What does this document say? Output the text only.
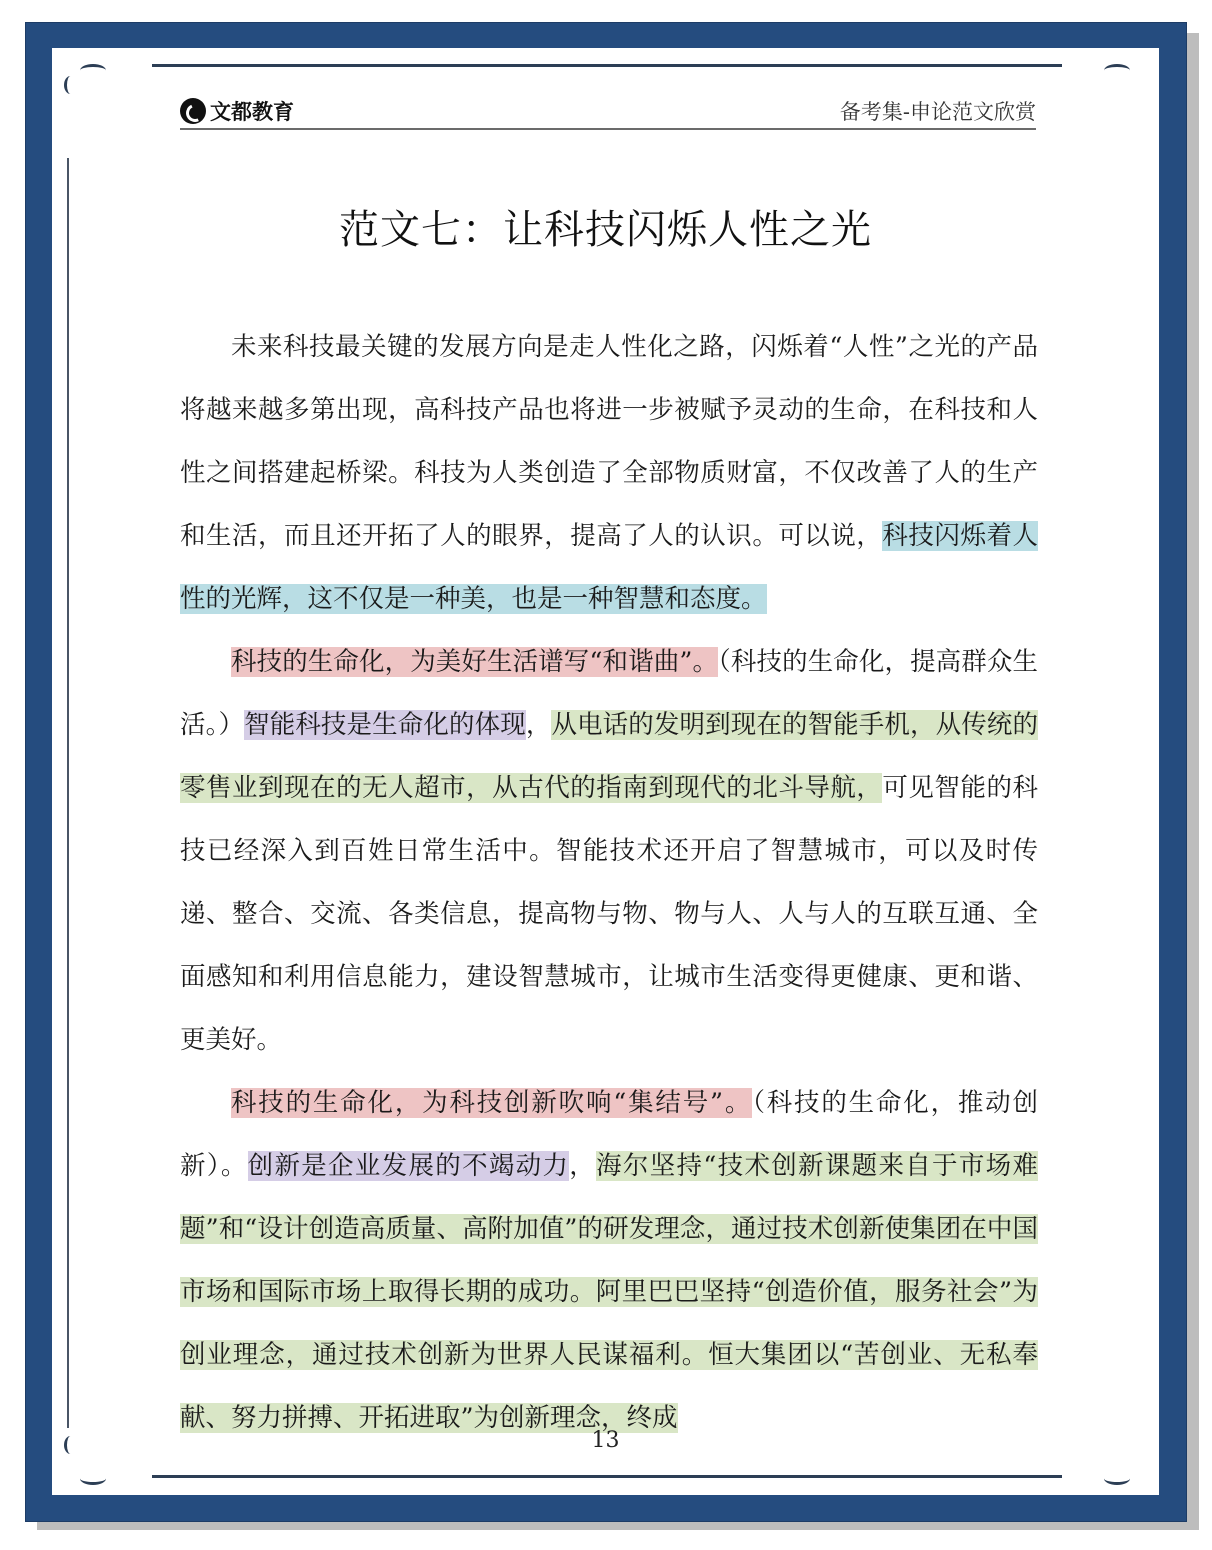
文都教育	备考集-申论范文欣赏
范文七：让科技闪烁人性之光

未来科技最关键的发展方向是走人性化之路，闪烁着“人性”之光的产品将越来越多第出现，高科技产品也将进一步被赋予灵动的生命，在科技和人性之间搭建起桥梁。科技为人类创造了全部物质财富，不仅改善了人的生产和生活，而且还开拓了人的眼界，提高了人的认识。可以说，科技闪烁着人性的光辉，这不仅是一种美，也是一种智慧和态度。

科技的生命化，为美好生活谱写“和谐曲”。（科技的生命化，提高群众生活。）智能科技是生命化的体现，从电话的发明到现在的智能手机，从传统的零售业到现在的无人超市，从古代的指南到现代的北斗导航，可见智能的科技已经深入到百姓日常生活中。智能技术还开启了智慧城市，可以及时传递、整合、交流、各类信息，提高物与物、物与人、人与人的互联互通、全面感知和利用信息能力，建设智慧城市，让城市生活变得更健康、更和谐、更美好。

科技的生命化，为科技创新吹响“集结号”。（科技的生命化，推动创新）。创新是企业发展的不竭动力，海尔坚持“技术创新课题来自于市场难题”和“设计创造高质量、高附加值”的研发理念，通过技术创新使集团在中国市场和国际市场上取得长期的成功。阿里巴巴坚持“创造价值，服务社会”为创业理念，通过技术创新为世界人民谋福利。恒大集团以“苦创业、无私奉献、努力拼搏、开拓进取”为创新理念，终成

13
